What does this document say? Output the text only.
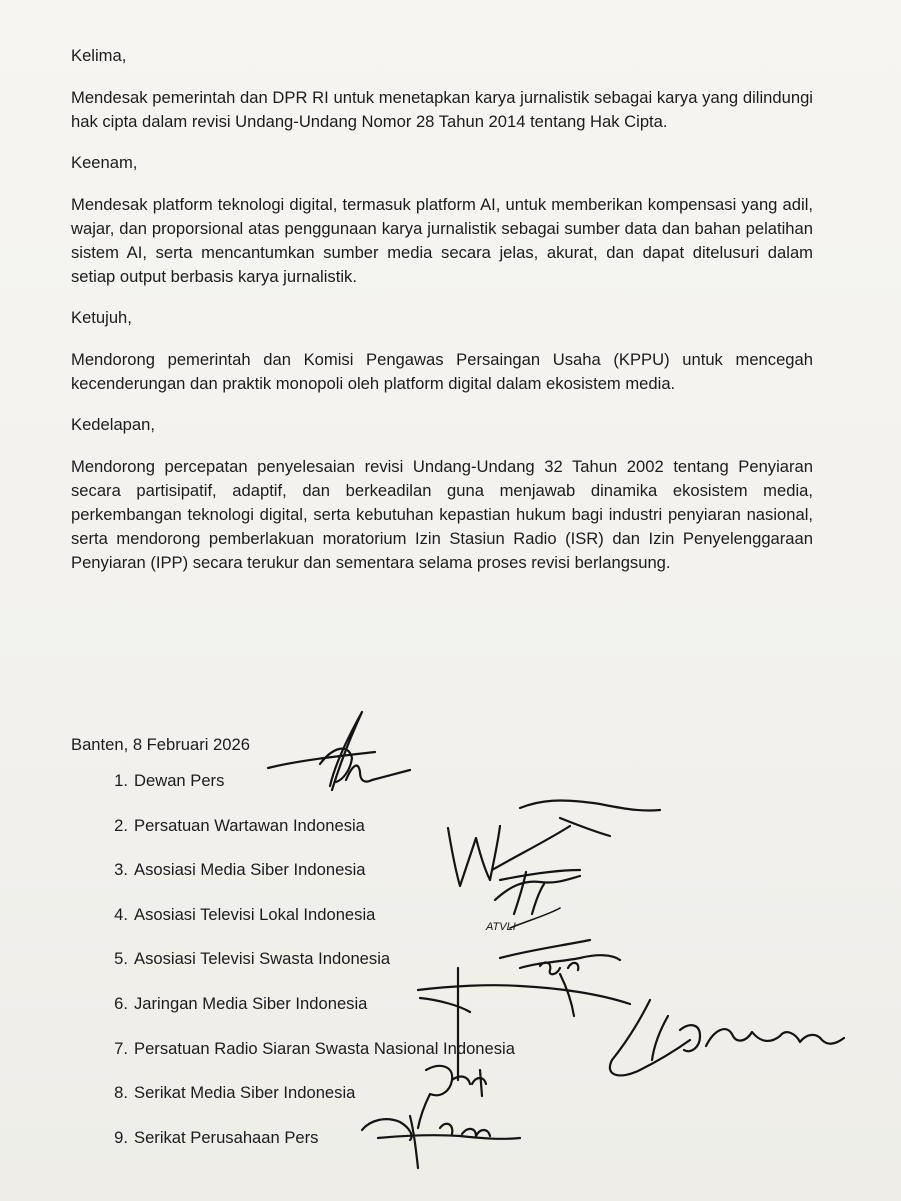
Kelima,

Mendesak pemerintah dan DPR RI untuk menetapkan karya jurnalistik sebagai karya yang dilindungi hak cipta dalam revisi Undang-Undang Nomor 28 Tahun 2014 tentang Hak Cipta.

Keenam,

Mendesak platform teknologi digital, termasuk platform AI, untuk memberikan kompensasi yang adil, wajar, dan proporsional atas penggunaan karya jurnalistik sebagai sumber data dan bahan pelatihan sistem AI, serta mencantumkan sumber media secara jelas, akurat, dan dapat ditelusuri dalam setiap output berbasis karya jurnalistik.

Ketujuh,

Mendorong pemerintah dan Komisi Pengawas Persaingan Usaha (KPPU) untuk mencegah kecenderungan dan praktik monopoli oleh platform digital dalam ekosistem media.

Kedelapan,

Mendorong percepatan penyelesaian revisi Undang-Undang 32 Tahun 2002 tentang Penyiaran secara partisipatif, adaptif, dan berkeadilan guna menjawab dinamika ekosistem media, perkembangan teknologi digital, serta kebutuhan kepastian hukum bagi industri penyiaran nasional, serta mendorong pemberlakuan moratorium Izin Stasiun Radio (ISR) dan Izin Penyelenggaraan Penyiaran (IPP) secara terukur dan sementara selama proses revisi berlangsung.

Banten, 8 Februari 2026
1. Dewan Pers
2. Persatuan Wartawan Indonesia
3. Asosiasi Media Siber Indonesia
4. Asosiasi Televisi Lokal Indonesia
5. Asosiasi Televisi Swasta Indonesia
6. Jaringan Media Siber Indonesia
7. Persatuan Radio Siaran Swasta Nasional Indonesia
8. Serikat Media Siber Indonesia
9. Serikat Perusahaan Pers
ATVLI
